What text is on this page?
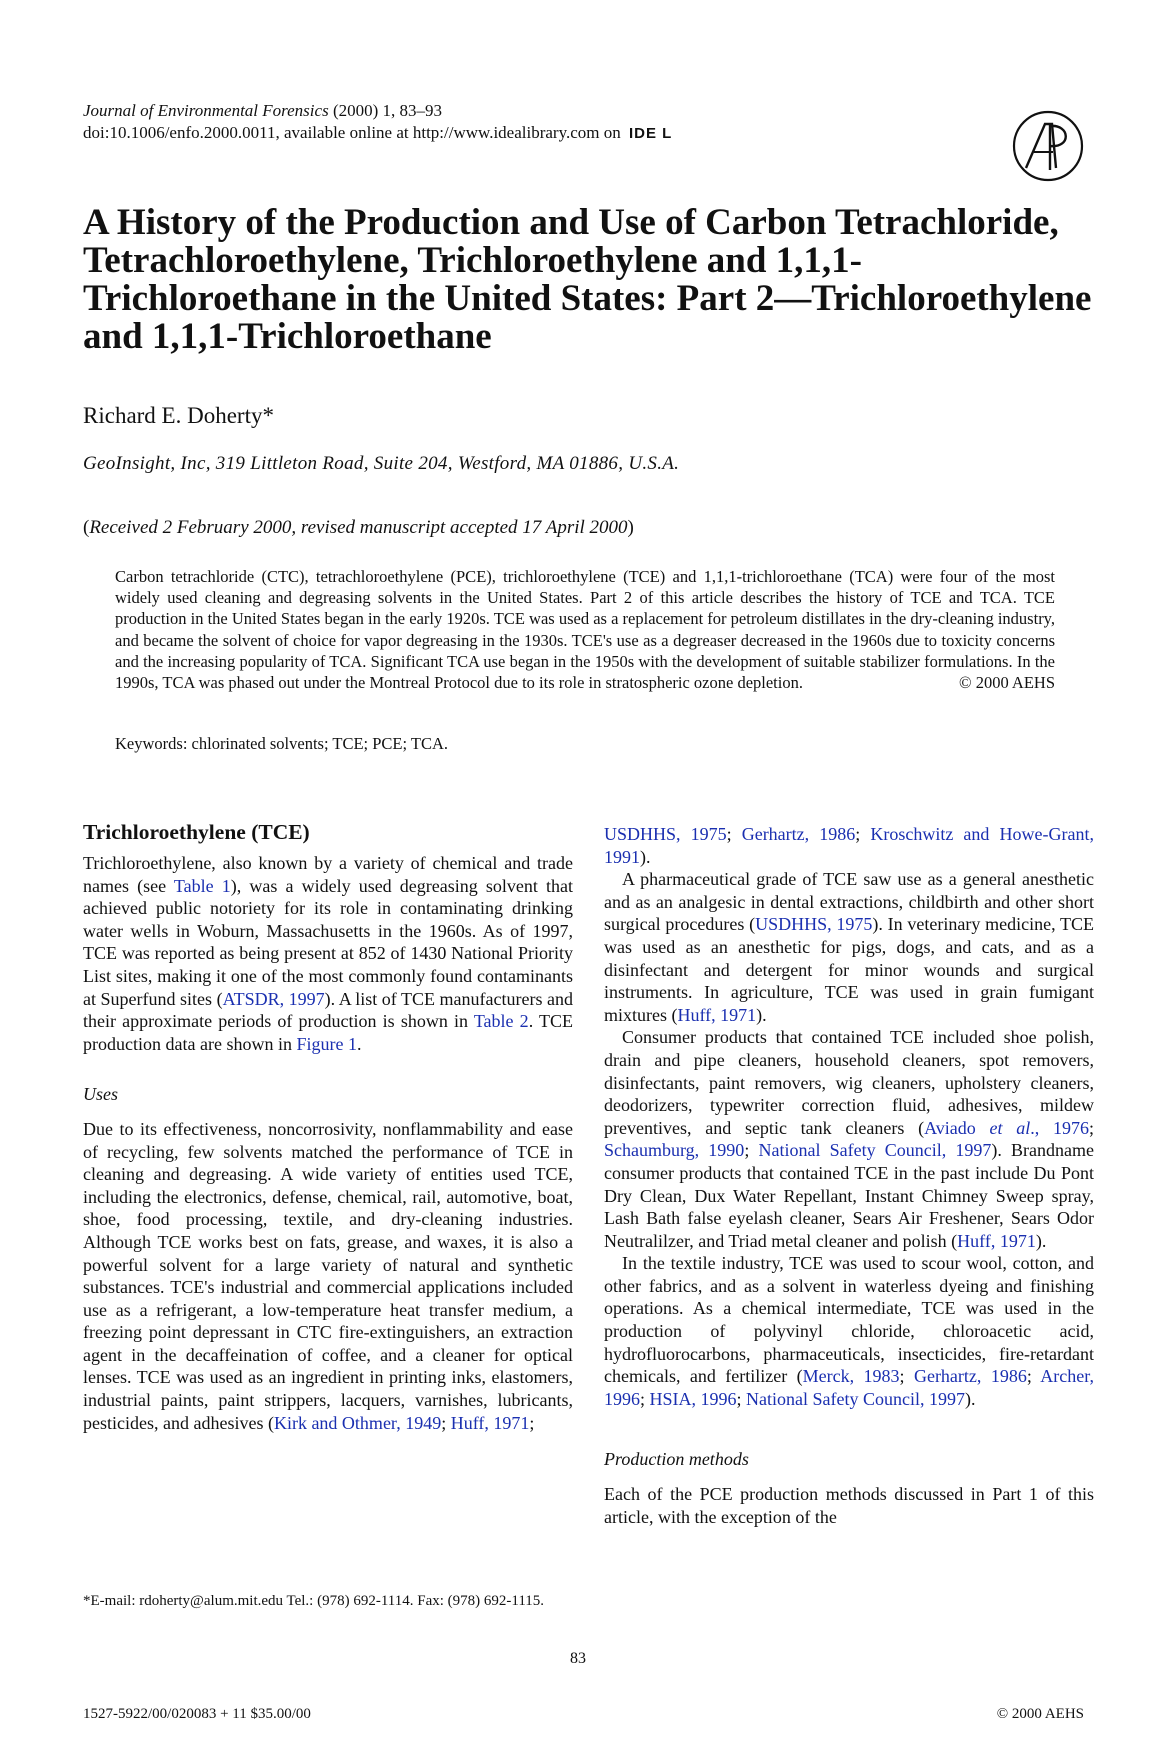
Journal of Environmental Forensics (2000) 1, 83–93
doi:10.1006/enfo.2000.0011, available online at http://www.idealibrary.com on IDE L
A History of the Production and Use of Carbon Tetrachloride, Tetrachloroethylene, Trichloroethylene and 1,1,1-Trichloroethane in the United States: Part 2—Trichloroethylene and 1,1,1-Trichloroethane
Richard E. Doherty*
GeoInsight, Inc, 319 Littleton Road, Suite 204, Westford, MA 01886, U.S.A.
(Received 2 February 2000, revised manuscript accepted 17 April 2000)
Carbon tetrachloride (CTC), tetrachloroethylene (PCE), trichloroethylene (TCE) and 1,1,1-trichloroethane (TCA) were four of the most widely used cleaning and degreasing solvents in the United States. Part 2 of this article describes the history of TCE and TCA. TCE production in the United States began in the early 1920s. TCE was used as a replacement for petroleum distillates in the dry-cleaning industry, and became the solvent of choice for vapor degreasing in the 1930s. TCE's use as a degreaser decreased in the 1960s due to toxicity concerns and the increasing popularity of TCA. Significant TCA use began in the 1950s with the development of suitable stabilizer formulations. In the 1990s, TCA was phased out under the Montreal Protocol due to its role in stratospheric ozone depletion.	© 2000 AEHS
Keywords: chlorinated solvents; TCE; PCE; TCA.
Trichloroethylene (TCE)

Trichloroethylene, also known by a variety of chemical and trade names (see Table 1), was a widely used degreasing solvent that achieved public notoriety for its role in contaminating drinking water wells in Woburn, Massachusetts in the 1960s. As of 1997, TCE was reported as being present at 852 of 1430 National Priority List sites, making it one of the most commonly found contaminants at Superfund sites (ATSDR, 1997). A list of TCE manufacturers and their approximate periods of production is shown in Table 2. TCE production data are shown in Figure 1.

Uses

Due to its effectiveness, noncorrosivity, nonflammability and ease of recycling, few solvents matched the performance of TCE in cleaning and degreasing. A wide variety of entities used TCE, including the electronics, defense, chemical, rail, automotive, boat, shoe, food processing, textile, and dry-cleaning industries. Although TCE works best on fats, grease, and waxes, it is also a powerful solvent for a large variety of natural and synthetic substances. TCE's industrial and commercial applications included use as a refrigerant, a low-temperature heat transfer medium, a freezing point depressant in CTC fire-extinguishers, an extraction agent in the decaffeination of coffee, and a cleaner for optical lenses. TCE was used as an ingredient in printing inks, elastomers, industrial paints, paint strippers, lacquers, varnishes, lubricants, pesticides, and adhesives (Kirk and Othmer, 1949; Huff, 1971;

*E-mail: rdoherty@alum.mit.edu Tel.: (978) 692-1114. Fax: (978) 692-1115.

USDHHS, 1975; Gerhartz, 1986; Kroschwitz and Howe-Grant, 1991).

A pharmaceutical grade of TCE saw use as a general anesthetic and as an analgesic in dental extractions, childbirth and other short surgical procedures (USDHHS, 1975). In veterinary medicine, TCE was used as an anesthetic for pigs, dogs, and cats, and as a disinfectant and detergent for minor wounds and surgical instruments. In agriculture, TCE was used in grain fumigant mixtures (Huff, 1971).

Consumer products that contained TCE included shoe polish, drain and pipe cleaners, household cleaners, spot removers, disinfectants, paint removers, wig cleaners, upholstery cleaners, deodorizers, typewriter correction fluid, adhesives, mildew preventives, and septic tank cleaners (Aviado et al., 1976; Schaumburg, 1990; National Safety Council, 1997). Brandname consumer products that contained TCE in the past include Du Pont Dry Clean, Dux Water Repellant, Instant Chimney Sweep spray, Lash Bath false eyelash cleaner, Sears Air Freshener, Sears Odor Neutralilzer, and Triad metal cleaner and polish (Huff, 1971).

In the textile industry, TCE was used to scour wool, cotton, and other fabrics, and as a solvent in waterless dyeing and finishing operations. As a chemical intermediate, TCE was used in the production of polyvinyl chloride, chloroacetic acid, hydrofluorocarbons, pharmaceuticals, insecticides, fire-retardant chemicals, and fertilizer (Merck, 1983; Gerhartz, 1986; Archer, 1996; HSIA, 1996; National Safety Council, 1997).

Production methods

Each of the PCE production methods discussed in Part 1 of this article, with the exception of the

83
1527-5922/00/020083 + 11 $35.00/00	© 2000 AEHS
